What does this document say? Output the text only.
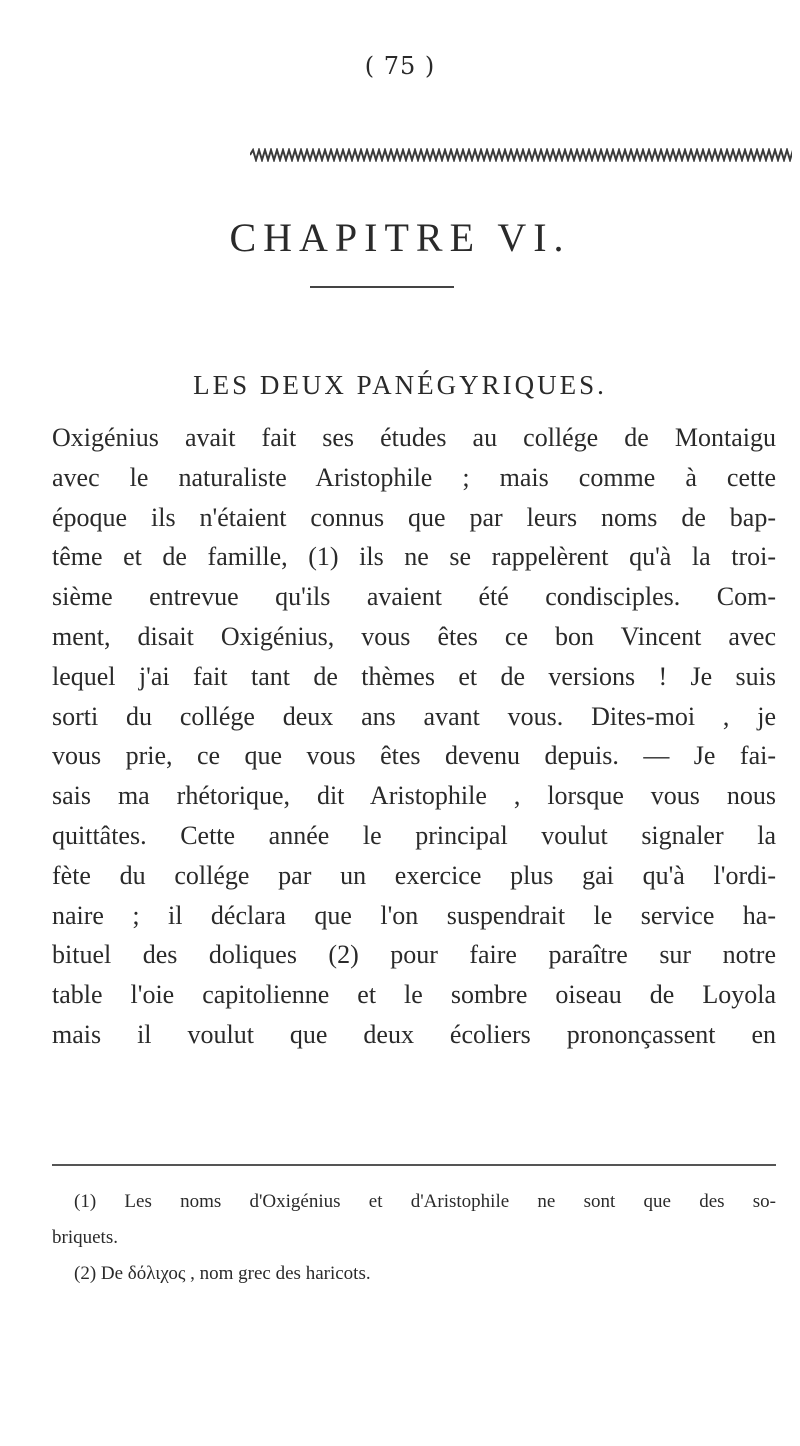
( 75 )
CHAPITRE VI.
LES DEUX PANÉGYRIQUES.
Oxigénius avait fait ses études au collége de Montaigu
avec le naturaliste Aristophile ; mais comme à cette
époque ils n'étaient connus que par leurs noms de bap-
tême et de famille, (1) ils ne se rappelèrent qu'à la troi-
sième entrevue qu'ils avaient été condisciples. Com-
ment, disait Oxigénius, vous êtes ce bon Vincent avec
lequel j'ai fait tant de thèmes et de versions ! Je suis
sorti du collége deux ans avant vous. Dites-moi , je
vous prie, ce que vous êtes devenu depuis. — Je fai-
sais ma rhétorique, dit Aristophile , lorsque vous nous
quittâtes. Cette année le principal voulut signaler la
fète du collége par un exercice plus gai qu'à l'ordi-
naire ; il déclara que l'on suspendrait le service ha-
bituel des doliques (2) pour faire paraître sur notre
table l'oie capitolienne et le sombre oiseau de Loyola
mais il voulut que deux écoliers prononçassent en
(1) Les noms d'Oxigénius et d'Aristophile ne sont que des so-
briquets.
(2) De δόλιχος , nom grec des haricots.
